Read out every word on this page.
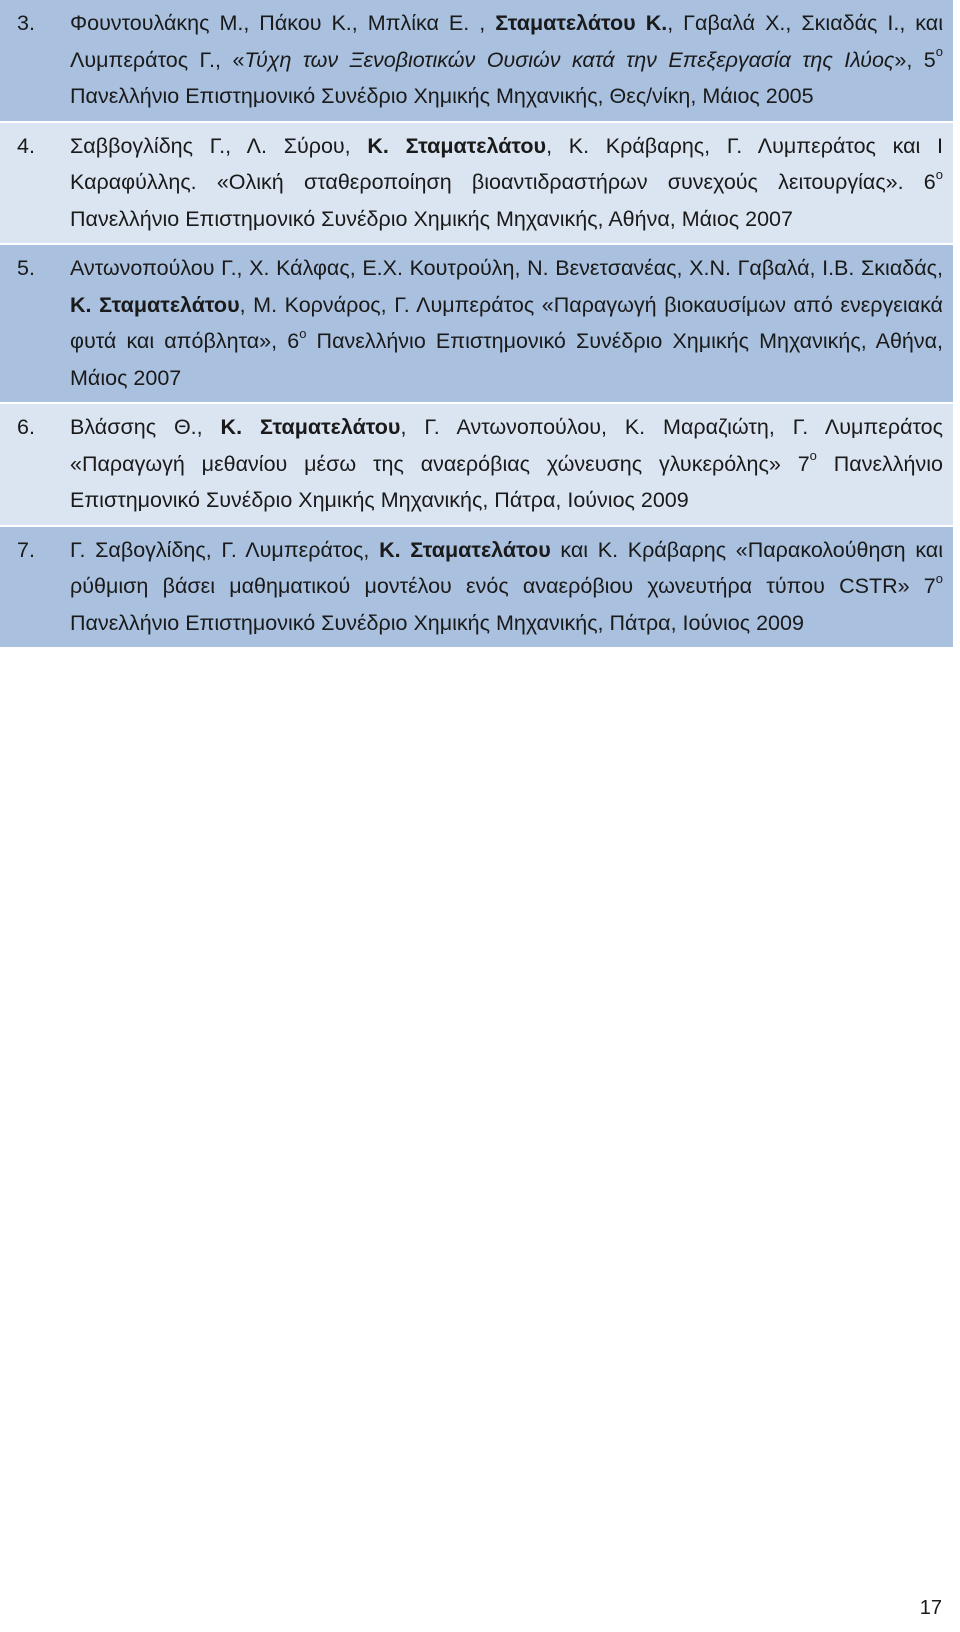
3.	Φουντουλάκης Μ., Πάκου Κ., Μπλίκα Ε. , Σταματελάτου Κ., Γαβαλά Χ., Σκιαδάς Ι., και Λυμπεράτος Γ., «Τύχη των Ξενοβιοτικών Ουσιών κατά την Επεξεργασία της Ιλύος», $5^o$ Πανελλήνιο Επιστημονικό Συνέδριο Χημικής Μηχανικής, Θες/νίκη, Μάιος 2005
4.	Σαββογλίδης Γ., Λ. Σύρου, Κ. Σταματελάτου, Κ. Κράβαρης, Γ. Λυμπεράτος και Ι Καραφύλλης. «Ολική σταθεροποίηση βιοαντιδραστήρων συνεχούς λειτουργίας». $6^o$ Πανελλήνιο Επιστημονικό Συνέδριο Χημικής Μηχανικής, Αθήνα, Μάιος 2007
5.	Αντωνοπούλου Γ., Χ. Κάλφας, Ε.Χ. Κουτρούλη, Ν. Βενετσανέας, Χ.Ν. Γαβαλά, Ι.Β. Σκιαδάς, Κ. Σταματελάτου, Μ. Κορνάρος, Γ. Λυμπεράτος «Παραγωγή βιοκαυσίμων από ενεργειακά φυτά και απόβλητα», $6^o$ Πανελλήνιο Επιστημονικό Συνέδριο Χημικής Μηχανικής, Αθήνα, Μάιος 2007
6.	Βλάσσης Θ., Κ. Σταματελάτου, Γ. Αντωνοπούλου, Κ. Μαραζιώτη, Γ. Λυμπεράτος «Παραγωγή μεθανίου μέσω της αναερόβιας χώνευσης γλυκερόλης» $7^o$ Πανελλήνιο Επιστημονικό Συνέδριο Χημικής Μηχανικής, Πάτρα, Ιούνιος 2009
7.	Γ. Σαβογλίδης, Γ. Λυμπεράτος, Κ. Σταματελάτου και Κ. Κράβαρης «Παρακολούθηση και ρύθμιση βάσει μαθηματικού μοντέλου ενός αναερόβιου χωνευτήρα τύπου CSTR» $7^o$ Πανελλήνιο Επιστημονικό Συνέδριο Χημικής Μηχανικής, Πάτρα, Ιούνιος 2009
17
